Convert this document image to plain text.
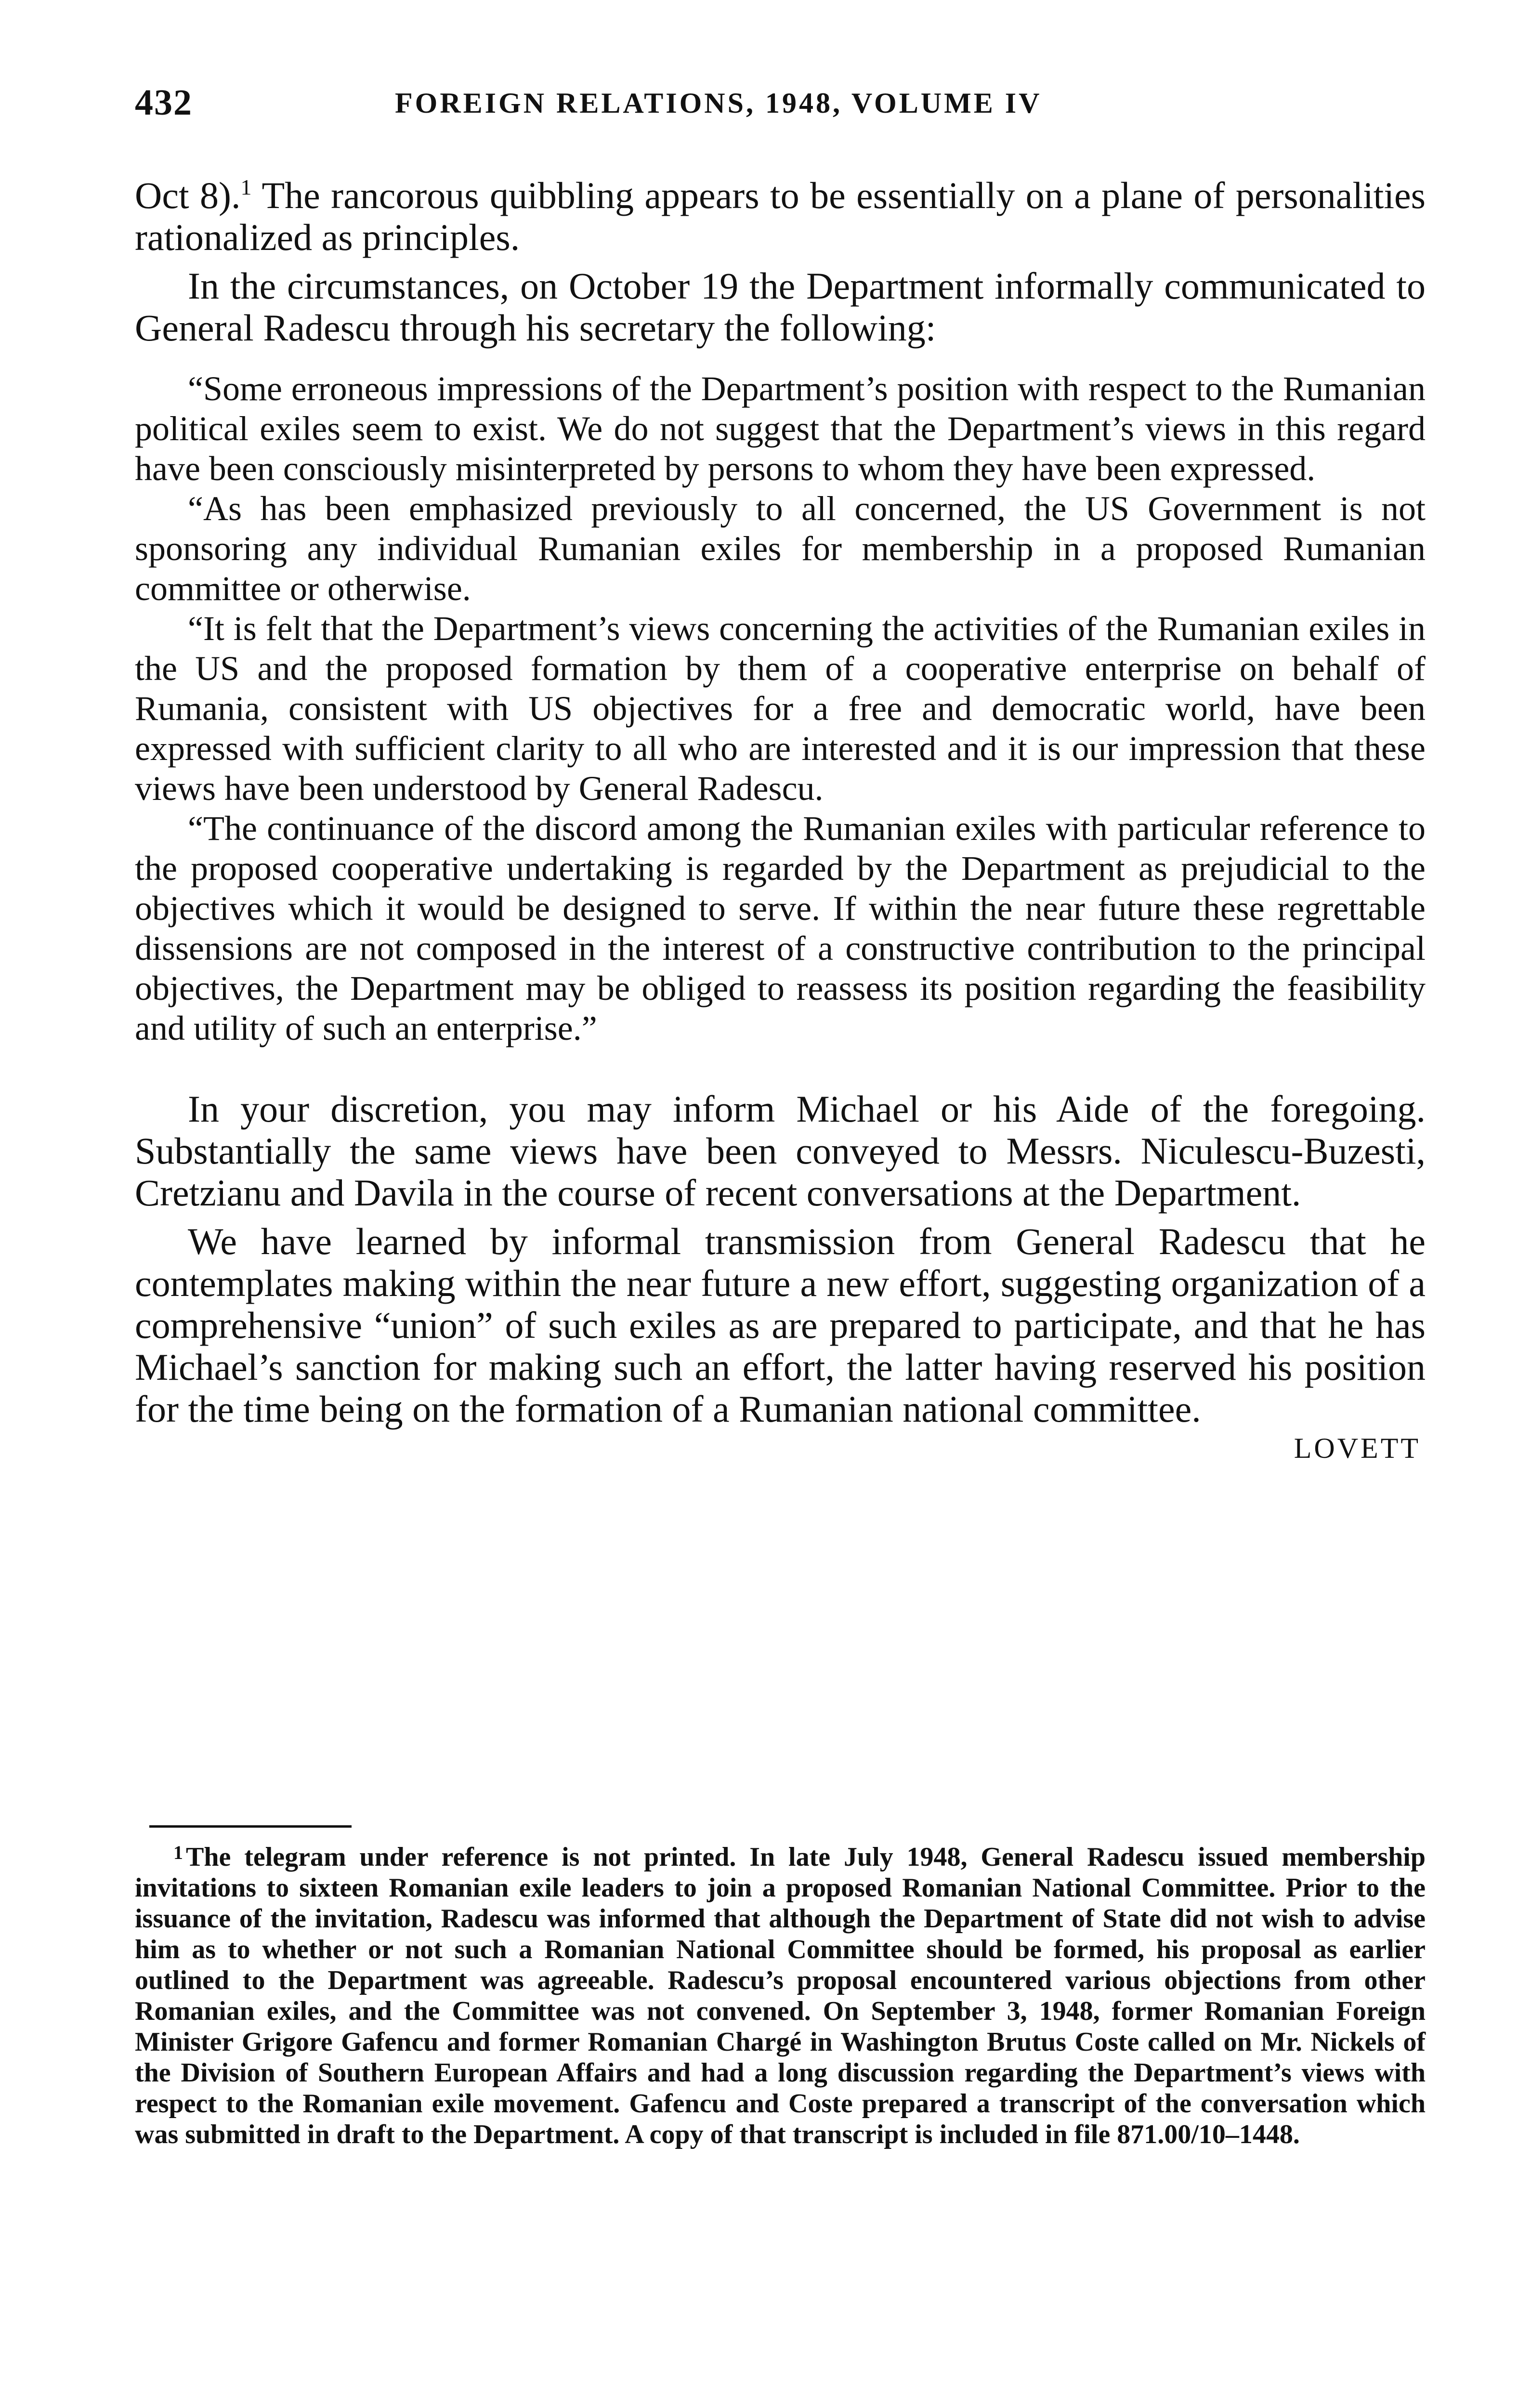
432	FOREIGN RELATIONS, 1948, VOLUME IV

Oct 8).$^1$ The rancorous quibbling appears to be essentially on a plane of personalities rationalized as principles.

In the circumstances, on October 19 the Department informally communicated to General Radescu through his secretary the following:

“Some erroneous impressions of the Department’s position with respect to the Rumanian political exiles seem to exist. We do not suggest that the Department’s views in this regard have been consciously misinterpreted by persons to whom they have been expressed.

“As has been emphasized previously to all concerned, the US Government is not sponsoring any individual Rumanian exiles for membership in a proposed Rumanian committee or otherwise.

“It is felt that the Department’s views concerning the activities of the Rumanian exiles in the US and the proposed formation by them of a cooperative enterprise on behalf of Rumania, consistent with US objectives for a free and democratic world, have been expressed with sufficient clarity to all who are interested and it is our impression that these views have been understood by General Radescu.

“The continuance of the discord among the Rumanian exiles with particular reference to the proposed cooperative undertaking is regarded by the Department as prejudicial to the objectives which it would be designed to serve. If within the near future these regrettable dissensions are not composed in the interest of a constructive contribution to the principal objectives, the Department may be obliged to reassess its position regarding the feasibility and utility of such an enterprise.”

In your discretion, you may inform Michael or his Aide of the foregoing. Substantially the same views have been conveyed to Messrs. Niculescu-Buzesti, Cretzianu and Davila in the course of recent conversations at the Department.

We have learned by informal transmission from General Radescu that he contemplates making within the near future a new effort, suggesting organization of a comprehensive “union” of such exiles as are prepared to participate, and that he has Michael’s sanction for making such an effort, the latter having reserved his position for the time being on the formation of a Rumanian national committee.

LOVETT

$^1$ The telegram under reference is not printed. In late July 1948, General Radescu issued membership invitations to sixteen Romanian exile leaders to join a proposed Romanian National Committee. Prior to the issuance of the invitation, Radescu was informed that although the Department of State did not wish to advise him as to whether or not such a Romanian National Committee should be formed, his proposal as earlier outlined to the Department was agreeable. Radescu’s proposal encountered various objections from other Romanian exiles, and the Committee was not convened. On September 3, 1948, former Romanian Foreign Minister Grigore Gafencu and former Romanian Chargé in Washington Brutus Coste called on Mr. Nickels of the Division of Southern European Affairs and had a long discussion regarding the Department’s views with respect to the Romanian exile movement. Gafencu and Coste prepared a transcript of the conversation which was submitted in draft to the Department. A copy of that transcript is included in file 871.00/10–1448.
